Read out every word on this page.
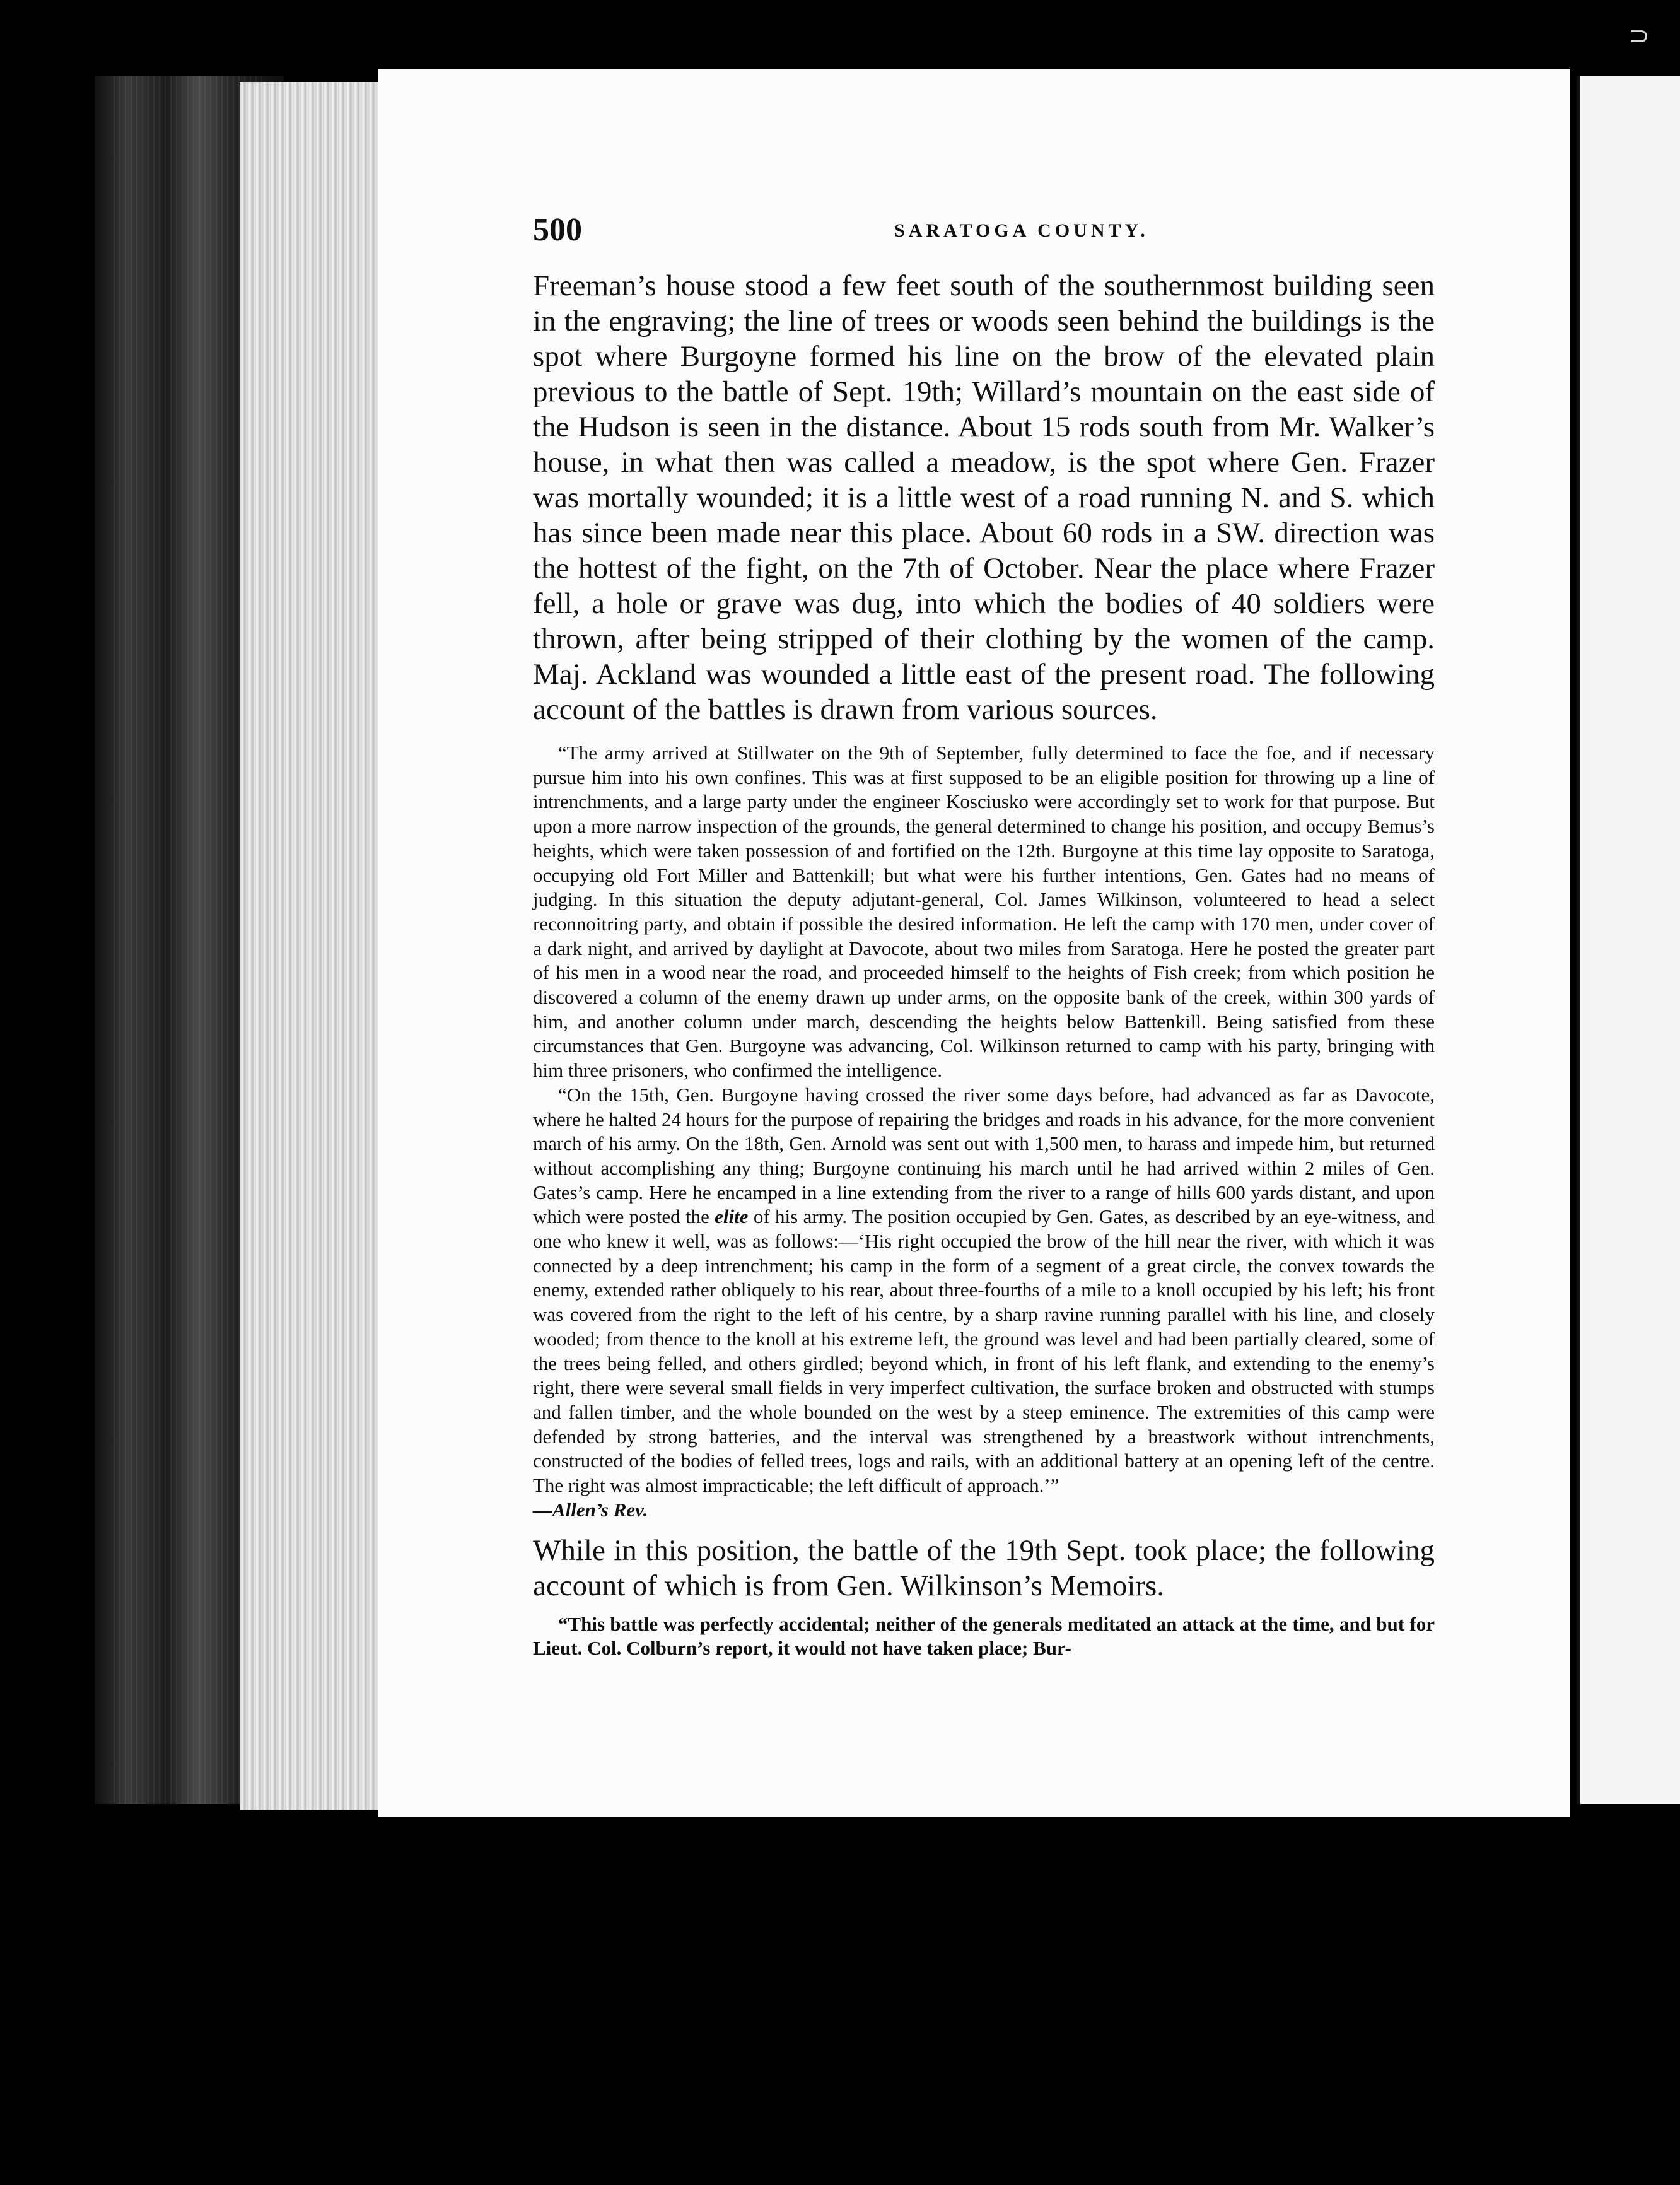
⊃
500	SARATOGA COUNTY.

Freeman’s house stood a few feet south of the southernmost building seen in the engraving; the line of trees or woods seen behind the buildings is the spot where Burgoyne formed his line on the brow of the elevated plain previous to the battle of Sept. 19th; Willard’s mountain on the east side of the Hudson is seen in the distance. About 15 rods south from Mr. Walker’s house, in what then was called a meadow, is the spot where Gen. Frazer was mortally wounded; it is a little west of a road running N. and S. which has since been made near this place. About 60 rods in a SW. direction was the hottest of the fight, on the 7th of October. Near the place where Frazer fell, a hole or grave was dug, into which the bodies of 40 soldiers were thrown, after being stripped of their clothing by the women of the camp. Maj. Ackland was wounded a little east of the present road. The following account of the battles is drawn from various sources.

“The army arrived at Stillwater on the 9th of September, fully determined to face the foe, and if necessary pursue him into his own confines. This was at first supposed to be an eligible position for throwing up a line of intrenchments, and a large party under the engineer Kosciusko were accordingly set to work for that purpose. But upon a more narrow inspection of the grounds, the general determined to change his position, and occupy Bemus’s heights, which were taken possession of and fortified on the 12th. Burgoyne at this time lay opposite to Saratoga, occupying old Fort Miller and Battenkill; but what were his further intentions, Gen. Gates had no means of judging. In this situation the deputy adjutant-general, Col. James Wilkinson, volunteered to head a select reconnoitring party, and obtain if possible the desired information. He left the camp with 170 men, under cover of a dark night, and arrived by daylight at Davocote, about two miles from Saratoga. Here he posted the greater part of his men in a wood near the road, and proceeded himself to the heights of Fish creek; from which position he discovered a column of the enemy drawn up under arms, on the opposite bank of the creek, within 300 yards of him, and another column under march, descending the heights below Battenkill. Being satisfied from these circumstances that Gen. Burgoyne was advancing, Col. Wilkinson returned to camp with his party, bringing with him three prisoners, who confirmed the intelligence.

“On the 15th, Gen. Burgoyne having crossed the river some days before, had advanced as far as Davocote, where he halted 24 hours for the purpose of repairing the bridges and roads in his advance, for the more convenient march of his army. On the 18th, Gen. Arnold was sent out with 1,500 men, to harass and impede him, but returned without accomplishing any thing; Burgoyne continuing his march until he had arrived within 2 miles of Gen. Gates’s camp. Here he encamped in a line extending from the river to a range of hills 600 yards distant, and upon which were posted the elite of his army. The position occupied by Gen. Gates, as described by an eye-witness, and one who knew it well, was as follows:—‘His right occupied the brow of the hill near the river, with which it was connected by a deep intrenchment; his camp in the form of a segment of a great circle, the convex towards the enemy, extended rather obliquely to his rear, about three-fourths of a mile to a knoll occupied by his left; his front was covered from the right to the left of his centre, by a sharp ravine running parallel with his line, and closely wooded; from thence to the knoll at his extreme left, the ground was level and had been partially cleared, some of the trees being felled, and others girdled; beyond which, in front of his left flank, and extending to the enemy’s right, there were several small fields in very imperfect cultivation, the surface broken and obstructed with stumps and fallen timber, and the whole bounded on the west by a steep eminence. The extremities of this camp were defended by strong batteries, and the interval was strengthened by a breastwork without intrenchments, constructed of the bodies of felled trees, logs and rails, with an additional battery at an opening left of the centre. The right was almost impracticable; the left difficult of approach.’”

—Allen’s Rev.

While in this position, the battle of the 19th Sept. took place; the following account of which is from Gen. Wilkinson’s Memoirs.

“This battle was perfectly accidental; neither of the generals meditated an attack at the time, and but for Lieut. Col. Colburn’s report, it would not have taken place; Bur-
